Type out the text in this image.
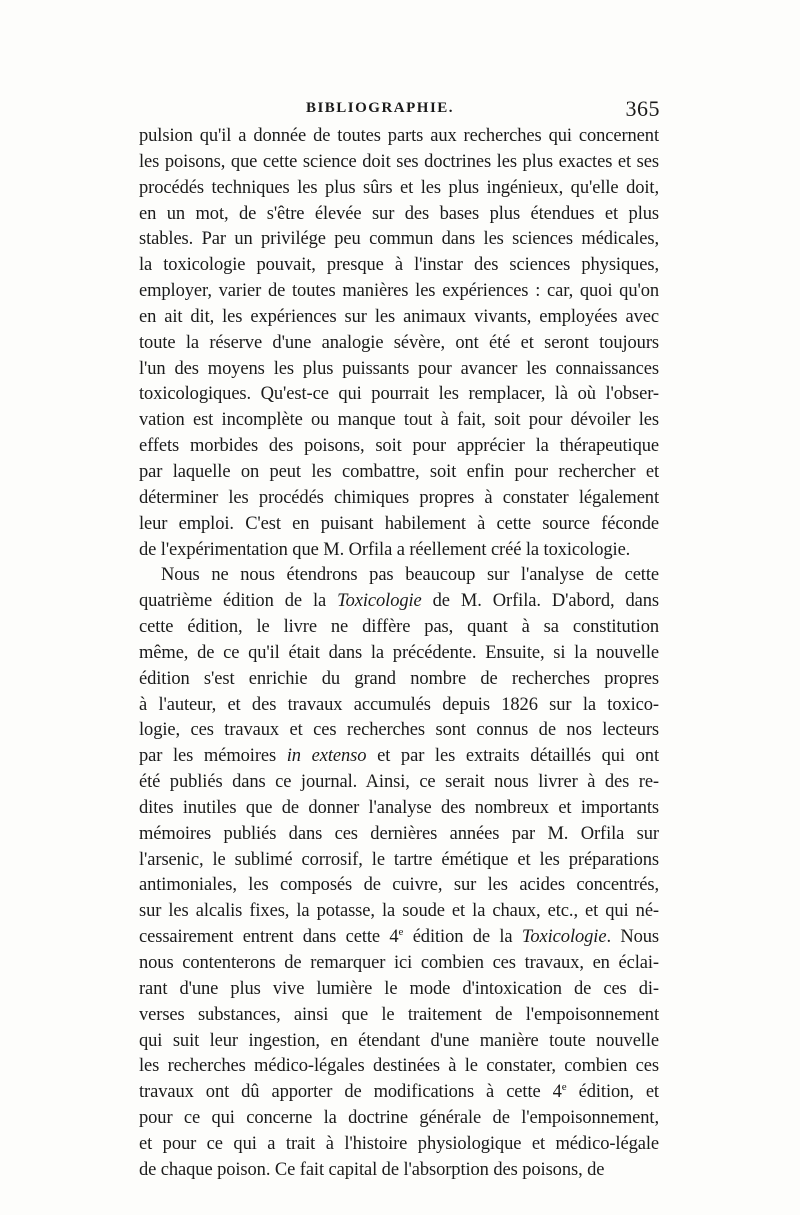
BIBLIOGRAPHIE.	365
pulsion qu'il a donnée de toutes parts aux recherches qui concernent
les poisons, que cette science doit ses doctrines les plus exactes et ses
procédés techniques les plus sûrs et les plus ingénieux, qu'elle doit,
en un mot, de s'être élevée sur des bases plus étendues et plus
stables. Par un privilége peu commun dans les sciences médicales,
la toxicologie pouvait, presque à l'instar des sciences physiques,
employer, varier de toutes manières les expériences : car, quoi qu'on
en ait dit, les expériences sur les animaux vivants, employées avec
toute la réserve d'une analogie sévère, ont été et seront toujours
l'un des moyens les plus puissants pour avancer les connaissances
toxicologiques. Qu'est-ce qui pourrait les remplacer, là où l'obser-
vation est incomplète ou manque tout à fait, soit pour dévoiler les
effets morbides des poisons, soit pour apprécier la thérapeutique
par laquelle on peut les combattre, soit enfin pour rechercher et
déterminer les procédés chimiques propres à constater légalement
leur emploi. C'est en puisant habilement à cette source féconde
de l'expérimentation que M. Orfila a réellement créé la toxicologie.
Nous ne nous étendrons pas beaucoup sur l'analyse de cette
quatrième édition de la Toxicologie de M. Orfila. D'abord, dans
cette édition, le livre ne diffère pas, quant à sa constitution
même, de ce qu'il était dans la précédente. Ensuite, si la nouvelle
édition s'est enrichie du grand nombre de recherches propres
à l'auteur, et des travaux accumulés depuis 1826 sur la toxico-
logie, ces travaux et ces recherches sont connus de nos lecteurs
par les mémoires in extenso et par les extraits détaillés qui ont
été publiés dans ce journal. Ainsi, ce serait nous livrer à des re-
dites inutiles que de donner l'analyse des nombreux et importants
mémoires publiés dans ces dernières années par M. Orfila sur
l'arsenic, le sublimé corrosif, le tartre émétique et les préparations
antimoniales, les composés de cuivre, sur les acides concentrés,
sur les alcalis fixes, la potasse, la soude et la chaux, etc., et qui né-
cessairement entrent dans cette 4e édition de la Toxicologie. Nous
nous contenterons de remarquer ici combien ces travaux, en éclai-
rant d'une plus vive lumière le mode d'intoxication de ces di-
verses substances, ainsi que le traitement de l'empoisonnement
qui suit leur ingestion, en étendant d'une manière toute nouvelle
les recherches médico-légales destinées à le constater, combien ces
travaux ont dû apporter de modifications à cette 4e édition, et
pour ce qui concerne la doctrine générale de l'empoisonnement,
et pour ce qui a trait à l'histoire physiologique et médico-légale
de chaque poison. Ce fait capital de l'absorption des poisons, de
